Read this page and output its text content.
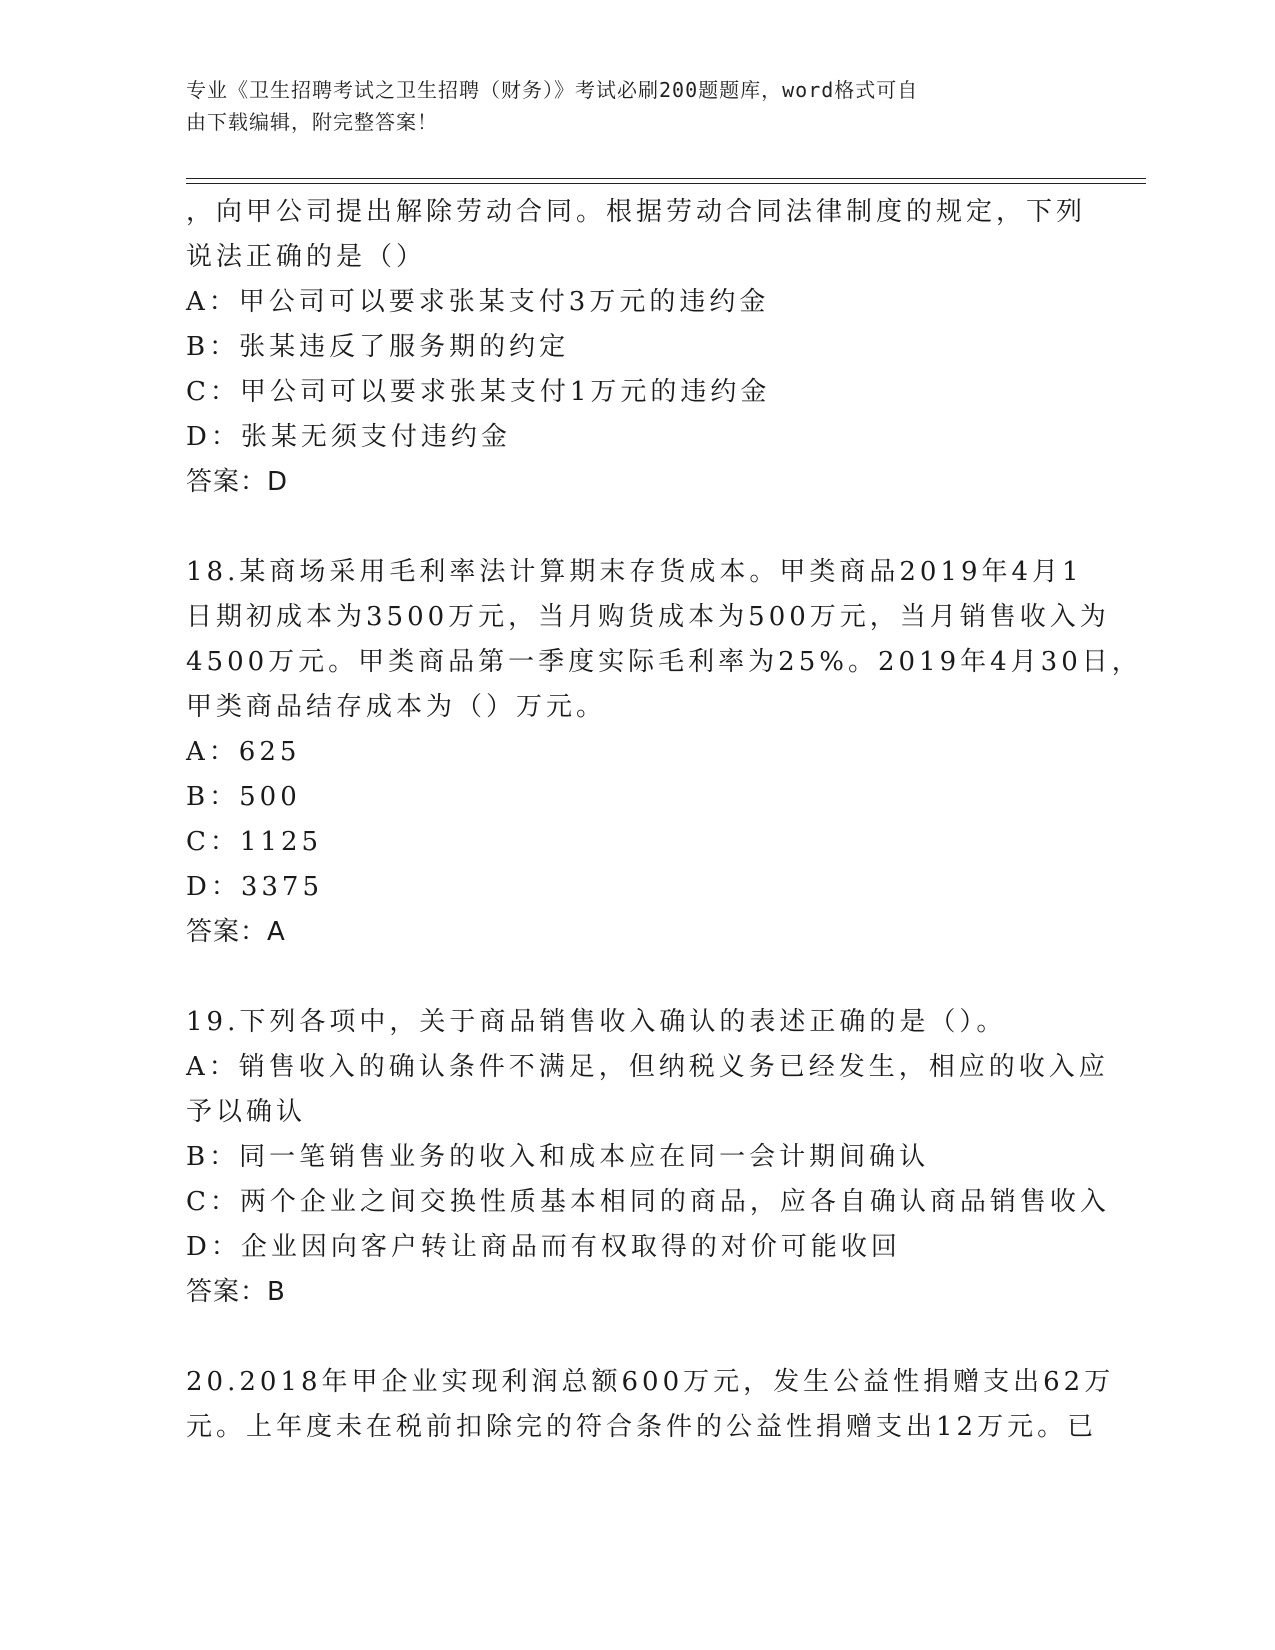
专业《卫生招聘考试之卫生招聘（财务）》考试必刷200题题库，word格式可自
由下载编辑，附完整答案！
，向甲公司提出解除劳动合同。根据劳动合同法律制度的规定，下列
说法正确的是（）
A：甲公司可以要求张某支付3万元的违约金
B：张某违反了服务期的约定
C：甲公司可以要求张某支付1万元的违约金
D：张某无须支付违约金
答案：D
18.某商场采用毛利率法计算期末存货成本。甲类商品2019年4月1
日期初成本为3500万元，当月购货成本为500万元，当月销售收入为
4500万元。甲类商品第一季度实际毛利率为25%。2019年4月30日，
甲类商品结存成本为（）万元。
A：625
B：500
C：1125
D：3375
答案：A
19.下列各项中，关于商品销售收入确认的表述正确的是（）。
A：销售收入的确认条件不满足，但纳税义务已经发生，相应的收入应
予以确认
B：同一笔销售业务的收入和成本应在同一会计期间确认
C：两个企业之间交换性质基本相同的商品，应各自确认商品销售收入
D：企业因向客户转让商品而有权取得的对价可能收回
答案：B
20.2018年甲企业实现利润总额600万元，发生公益性捐赠支出62万
元。上年度未在税前扣除完的符合条件的公益性捐赠支出12万元。已
